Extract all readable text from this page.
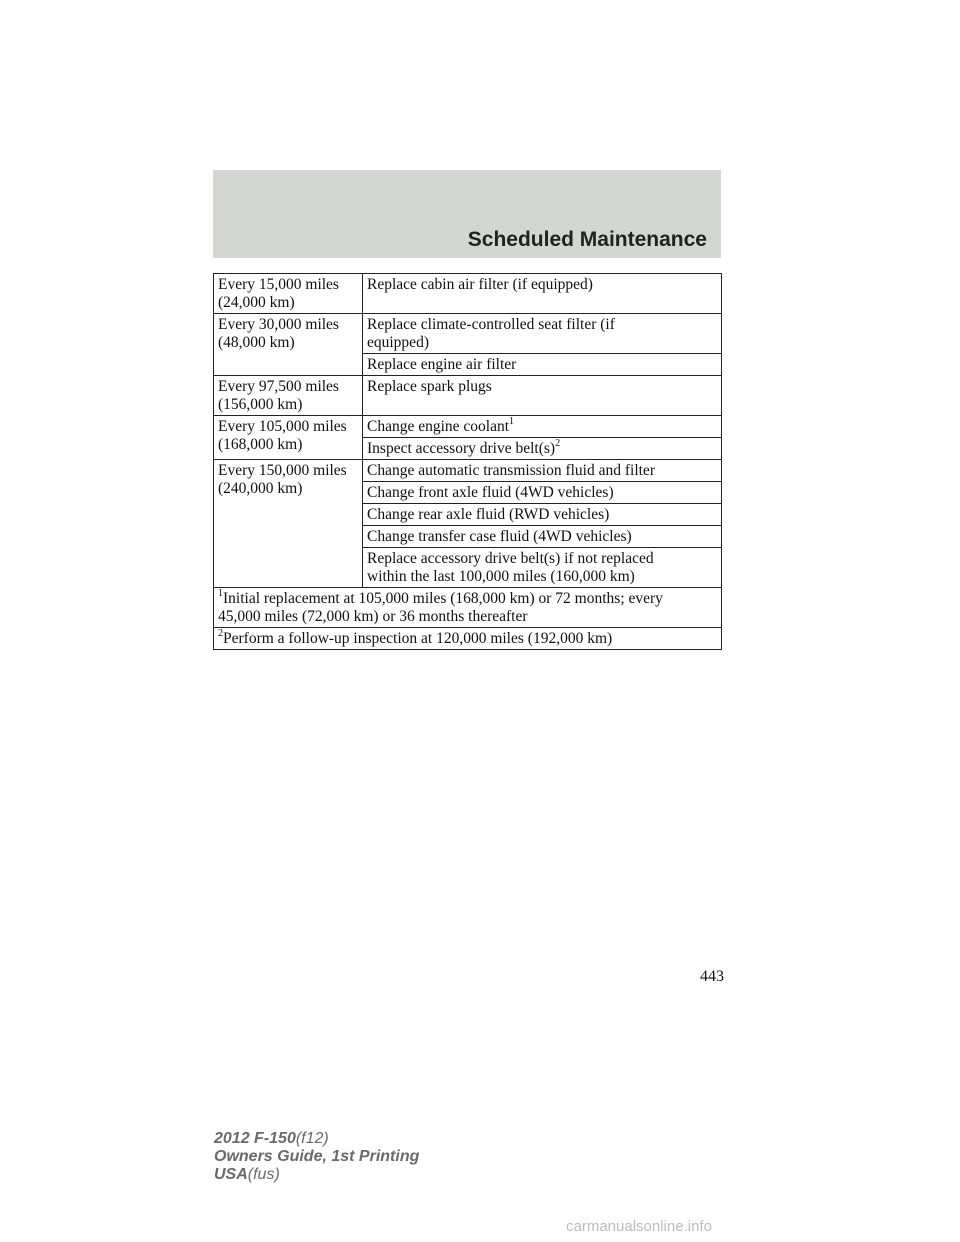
Scheduled Maintenance
Every 15,000 miles
(24,000 km)	Replace cabin air filter (if equipped)
Every 30,000 miles
(48,000 km)	Replace climate-controlled seat filter (if
equipped)
	Replace engine air filter
Every 97,500 miles
(156,000 km)	Replace spark plugs
Every 105,000 miles
(168,000 km)	Change engine coolant$^1$
	Inspect accessory drive $belt(s)^2$
Every 150,000 miles
(240,000 km)	Change automatic transmission fluid and filter
	Change front axle fluid (4WD vehicles)
	Change rear axle fluid (RWD vehicles)
	Change transfer case fluid (4WD vehicles)
	Replace accessory drive belt(s) if not replaced
within the last 100,000 miles (160,000 km)
$^1$Initial replacement at 105,000 miles (168,000 km) or 72 months; every
45,000 miles (72,000 km) or 36 months thereafter	
$^2$Perform a follow-up inspection at 120,000 miles (192,000 km)	
443
2012 F-150(f12)
Owners Guide, 1st Printing
USA(fus)
carmanualsonline.info
